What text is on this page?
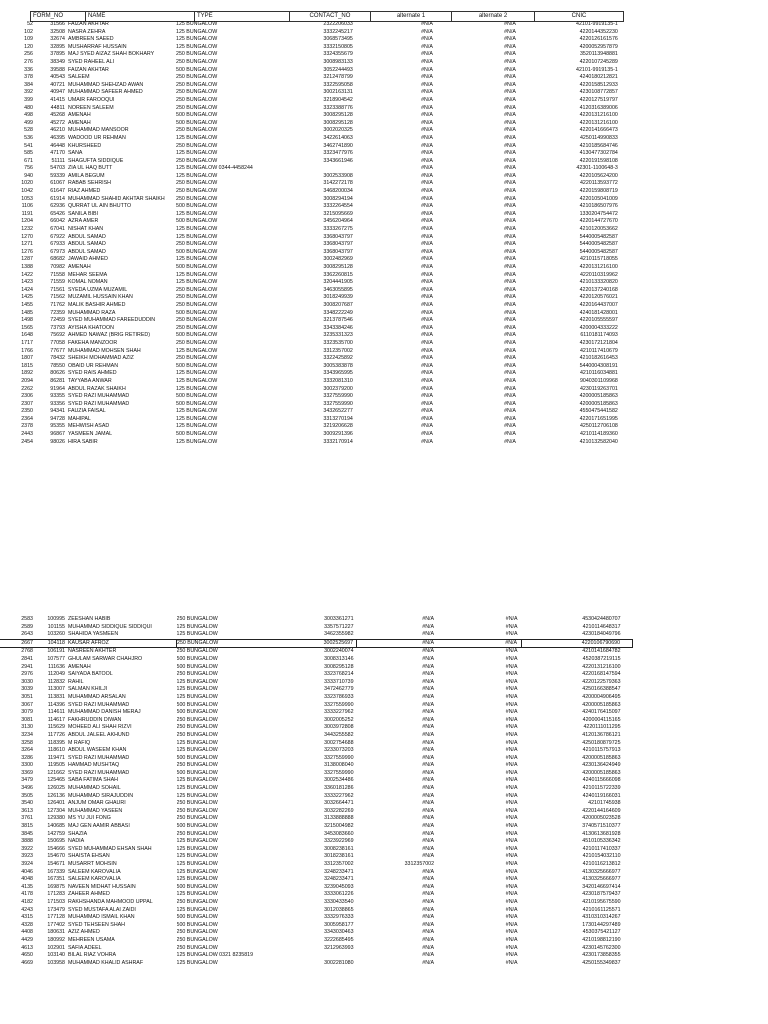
	FORM_NO	NAME	TYPE	CONTACT_NO	alternate 1	alternate 2	CNIC
52	31566	FAIZAN AKHTAR	125 BUNGALOW	2322206033	#N/A	#N/A	42101-9919135-1
102	32508	NASRA ZEHRA	125 BUNGALOW	3332245217	#N/A	#N/A	4220144352230
109	32674	AMBREEN SAEED	125 BUNGALOW	3068573495	#N/A	#N/A	4220126161576
120	32895	MUSHARRAF HUSSAIN	125 BUNGALOW	3332150805	#N/A	#N/A	4200052957879
256	37895	MAJ SYED AIZAZ SHAH BOKHARY	250 BUNGALOW	3324355679	#N/A	#N/A	3520113948881
276	38349	SYED RAHEEL ALI	250 BUNGALOW	3008983133	#N/A	#N/A	4220107245289
336	39588	FAIZAN AKHTAR	500 BUNGALOW	3052244493	#N/A	#N/A	42101-9919135-1
378	40543	SALEEM	250 BUNGALOW	3212478799	#N/A	#N/A	4240180212821
384	40721	MUHAMMAD SHEHZAD AWAN	250 BUNGALOW	3322595058	#N/A	#N/A	4220158512933
392	40947	MUHAMMAD SAFEER AHMED	250 BUNGALOW	3002163131	#N/A	#N/A	4230108772857
399	41415	UMAIR FAROOQUI	250 BUNGALOW	3218904542	#N/A	#N/A	4220127519797
480	44811	NOREEN SALEEM	250 BUNGALOW	3323388776	#N/A	#N/A	4120316389006
498	45268	AMENAH	500 BUNGALOW	3008295128	#N/A	#N/A	4220131216100
499	45272	AMENAH	500 BUNGALOW	3008295128	#N/A	#N/A	4220131216100
528	46210	MUHAMMAD MANSOOR	250 BUNGALOW	3002020325	#N/A	#N/A	4220141666473
536	46395	WADOOD UR REHMAN	125 BUNGALOW	3422614063	#N/A	#N/A	4250114990833
541	46448	KHURSHEED	250 BUNGALOW	3462741890	#N/A	#N/A	4210185684746
585	47170	SANA	125 BUNGALOW	3323477976	#N/A	#N/A	4130477302784
671	51111	SHAGUFTA SIDDIQUE	250 BUNGALOW	3343661946	#N/A	#N/A	4220191598108
756	54703	ZIA UL HAQ BUTT	125 BUNGALOW 0344-4458244		#N/A	#N/A	42301-1100648-3
940	59339	AMILA BEGUM	125 BUNGALOW	3002533908	#N/A	#N/A	4220105624200
1020	61067	RABAB SEHRISH	250 BUNGALOW	3142272178	#N/A	#N/A	4220113593772
1042	61647	RIAZ AHMED	250 BUNGALOW	3468200034	#N/A	#N/A	4220159808719
1053	61914	MUHAMMAD SHAHID AKHTAR SHAIKH	250 BUNGALOW	3008294194	#N/A	#N/A	4220105041009
1106	62936	QURRAT UL AIN BHUTTO	500 BUNGALOW	3332264554	#N/A	#N/A	4210186507976
1191	65426	SANILA BIBI	125 BUNGALOW	3215095669	#N/A	#N/A	1330204754472
1204	66042	AZRA AMER	500 BUNGALOW	3456204964	#N/A	#N/A	4220144727670
1232	67041	NISHAT KHAN	125 BUNGALOW	3333267275	#N/A	#N/A	4210120053662
1270	67922	ABDUL SAMAD	125 BUNGALOW	3368043797	#N/A	#N/A	5440005482587
1271	67933	ABDUL SAMAD	250 BUNGALOW	3368043797	#N/A	#N/A	5440005482587
1276	67973	ABDUL SAMAD	500 BUNGALOW	3368043797	#N/A	#N/A	5440005482587
1287	68682	JAWAID AHMED	125 BUNGALOW	3002482969	#N/A	#N/A	4210115718055
1388	70982	AMENAH	500 BUNGALOW	3008295128	#N/A	#N/A	4220131216100
1422	71558	MEHAR SEEMA	125 BUNGALOW	3362260815	#N/A	#N/A	4220110319962
1423	71559	KOMAL NOMAN	125 BUNGALOW	3204441905	#N/A	#N/A	4210133320820
1424	71561	SYEDA UZMA MUZAMIL	250 BUNGALOW	3463055895	#N/A	#N/A	4220137240168
1425	71562	MUZAMIL HUSSAIN KHAN	250 BUNGALOW	3018249939	#N/A	#N/A	4220120576021
1455	71762	MALIK BASHIR AHMED	250 BUNGALOW	3008207687	#N/A	#N/A	4220164437007
1485	72359	MUHAMMAD RAZA	500 BUNGALOW	3348222249	#N/A	#N/A	4240181428001
1498	72459	SYED MUHAMMAD FAREEDUDDIN	250 BUNGALOW	3213787546	#N/A	#N/A	4220105555597
1565	73793	AYISHA KHATOON	250 BUNGALOW	3343384246	#N/A	#N/A	4200004333222
1648	75692	AHMED NAWAZ (BRIG RETIRED)	500 BUNGALOW	3235331323	#N/A	#N/A	6110181174093
1717	77058	FAKEHA MANZOOR	250 BUNGALOW	3323535700	#N/A	#N/A	4230172121804
1766	77677	MUHAMMAD MOHSEN SHAH	125 BUNGALOW	3312357002	#N/A	#N/A	4210117410679
1807	78432	SHEIKH MOHAMMAD AZIZ	250 BUNGALOW	3322425892	#N/A	#N/A	4210182616453
1815	78550	OBAID UR REHMAN	500 BUNGALOW	3005383878	#N/A	#N/A	5440004308191
1892	80626	SYED RAIS AHMED	125 BUNGALOW	3343965995	#N/A	#N/A	4210116034881
2094	86281	TAYYABA ANWAR	125 BUNGALOW	3332081310	#N/A	#N/A	9040301109968
2262	91964	ABDUL RAZAK SHAIKH	125 BUNGALOW	3002379200	#N/A	#N/A	4230119263701
2306	93355	SYED RAZI MUHAMMAD	500 BUNGALOW	3327559990	#N/A	#N/A	4200005185863
2307	93356	SYED RAZI MUHAMMAD	500 BUNGALOW	3327559990	#N/A	#N/A	4200005185863
2350	94341	FAUZIA FAISAL	125 BUNGALOW	3432652277	#N/A	#N/A	4550475441582
2364	94728	MAHIPAL	125 BUNGALOW	3313270194	#N/A	#N/A	4220171651995
2378	95355	MEHWISH ASAD	125 BUNGALOW	3219206628	#N/A	#N/A	4250112706108
2443	96867	YASMEEN JAMAL	500 BUNGALOW	3009291396	#N/A	#N/A	4210114189360
2454	98026	HIRA SABIR	125 BUNGALOW	3332170914	#N/A	#N/A	4210132582040
2583	100995	ZEESHAN HABIB	250 BUNGALOW	3003361271	#N/A	#N/A	4530424480707
2589	101155	MUHAMMAD SIDDIQUE SIDDIQUI	125 BUNGALOW	3357571227	#N/A	#N/A	4210114648317
2643	103260	SHAHIDA YASMEEN	125 BUNGALOW	3462355982	#N/A	#N/A	4230184049796
2667	104118	KAUSAR AFROZ	250 BUNGALOW	3002525697	#N/A	#N/A	4220106790690
2768	106191	NASREEN AKHTER	250 BUNGALOW	3002240074	#N/A	#N/A	4210141684782
2841	107577	GHULAM SARWAR CHAHJRO	500 BUNGALOW	3008313146	#N/A	#N/A	4520387219115
2941	111636	AMENAH	500 BUNGALOW	3008295128	#N/A	#N/A	4220131216100
2976	112049	SAIYADA BATOOL	250 BUNGALOW	3323768214	#N/A	#N/A	4220168147594
3030	112832	RAHIL	125 BUNGALOW	3333710739	#N/A	#N/A	4220122579363
3039	113007	SALMAN KHILJI	125 BUNGALOW	3472462779	#N/A	#N/A	4250166388547
3051	113831	MUHAMMAD ARSALAN	125 BUNGALOW	3323786933	#N/A	#N/A	4200004906495
3067	114396	SYED RAZI MUHAMMAD	500 BUNGALOW	3327559990	#N/A	#N/A	4200005185863
3079	114611	MUHAMMAD DANISH MERAJ	500 BUNGALOW	3333227962	#N/A	#N/A	4240176415097
3081	114617	FAKHRUDDIN DIWAN	250 BUNGALOW	3002005252	#N/A	#N/A	4200004115165
3130	115629	MOHEED ALI SHAH RIZVI	250 BUNGALOW	3003972808	#N/A	#N/A	4220111011295
3234	117726	ABDUL JALEEL AKHUND	250 BUNGALOW	3443255582	#N/A	#N/A	4120136786121
3258	118395	M RAFIQ	125 BUNGALOW	3002754688	#N/A	#N/A	4250180879725
3264	118610	ABDUL WASEEM KHAN	125 BUNGALOW	3233073203	#N/A	#N/A	4210115757913
3286	119471	SYED RAZI MUHAMMAD	500 BUNGALOW	3327559990	#N/A	#N/A	4200005185863
3300	119505	HAMMAD MUSHTAQ	250 BUNGALOW	3138008040	#N/A	#N/A	4230136424949
3369	121662	SYED RAZI MUHAMMAD	500 BUNGALOW	3327559990	#N/A	#N/A	4200005185863
3479	125465	SABA FATIMA SHAH	125 BUNGALOW	3002534486	#N/A	#N/A	4240115666098
3496	126025	MUHAMMAD SOHAIL	125 BUNGALOW	3360181286	#N/A	#N/A	4210115722339
3505	126136	MUHAMMAD SIRAJUDDIN	125 BUNGALOW	3333227962	#N/A	#N/A	4240119166031
3540	126401	ANJUM OMAR GHAURI	250 BUNGALOW	3032664471	#N/A	#N/A	42101745938
3613	127304	MUHAMMAD YASEEN	250 BUNGALOW	3032282269	#N/A	#N/A	4220144164609
3761	129380	MS YU JUI FONG	250 BUNGALOW	3133888888	#N/A	#N/A	4200005023528
3815	140685	MAJ GEN AAMIR ABBASI	500 BUNGALOW	3215004982	#N/A	#N/A	3740571510377
3845	142759	SHAZIA	250 BUNGALOW	3453083660	#N/A	#N/A	4130613681928
3888	150695	NADIA	125 BUNGALOW	3323922969	#N/A	#N/A	4510105336342
3922	154666	SYED MUHAMMAD EHSAN SHAH	125 BUNGALOW	3008238161	#N/A	#N/A	4210117410337
3923	154670	SHAISTA EHSAN	125 BUNGALOW	3018238161	#N/A	#N/A	4210154032110
3924	154671	MUSARRT MOHSIN	125 BUNGALOW	3312357002	3312357002	#N/A	4210116213812
4046	167339	SALEEM KAROVALIA	125 BUNGALOW	3248233471	#N/A	#N/A	4130325666977
4048	167351	SALEEM KAROVALIA	125 BUNGALOW	3248233471	#N/A	#N/A	4130325666977
4135	169875	NAVEEN MIDHAT HUSSAIN	500 BUNGALOW	3239045093	#N/A	#N/A	3420146697414
4178	171283	ZAHEER AHMED	125 BUNGALOW	3333061226	#N/A	#N/A	4230187579437
4182	171503	RAKHSHANDA MAHMOOD UPPAL	250 BUNGALOW	3330433540	#N/A	#N/A	4210195675590
4243	173479	SYED MUSTAFA ALAI ZAIDI	125 BUNGALOW	3012038865	#N/A	#N/A	4210161125571
4315	177128	MUHAMMAD ISMAIL KHAN	500 BUNGALOW	3332976333	#N/A	#N/A	4310310314267
4328	177402	SYED TEHSEEN SHAH	500 BUNGALOW	3005958177	#N/A	#N/A	1730144297489
4408	180631	AZIZ AHMED	250 BUNGALOW	3343030463	#N/A	#N/A	4530375421127
4429	180992	MEHREEN USAMA	250 BUNGALOW	3222685495	#N/A	#N/A	4210198812190
4613	102901	SAFIA ADEEL	250 BUNGALOW	3212963993	#N/A	#N/A	4230145762300
4650	103140	BILAL RIAZ VOHRA	125 BUNGALOW 0321 8235819		#N/A	#N/A	4230173858355
4669	103958	MUHAMMAD KHALID ASHRAF	125 BUNGALOW	3002281080	#N/A	#N/A	4250155349837
